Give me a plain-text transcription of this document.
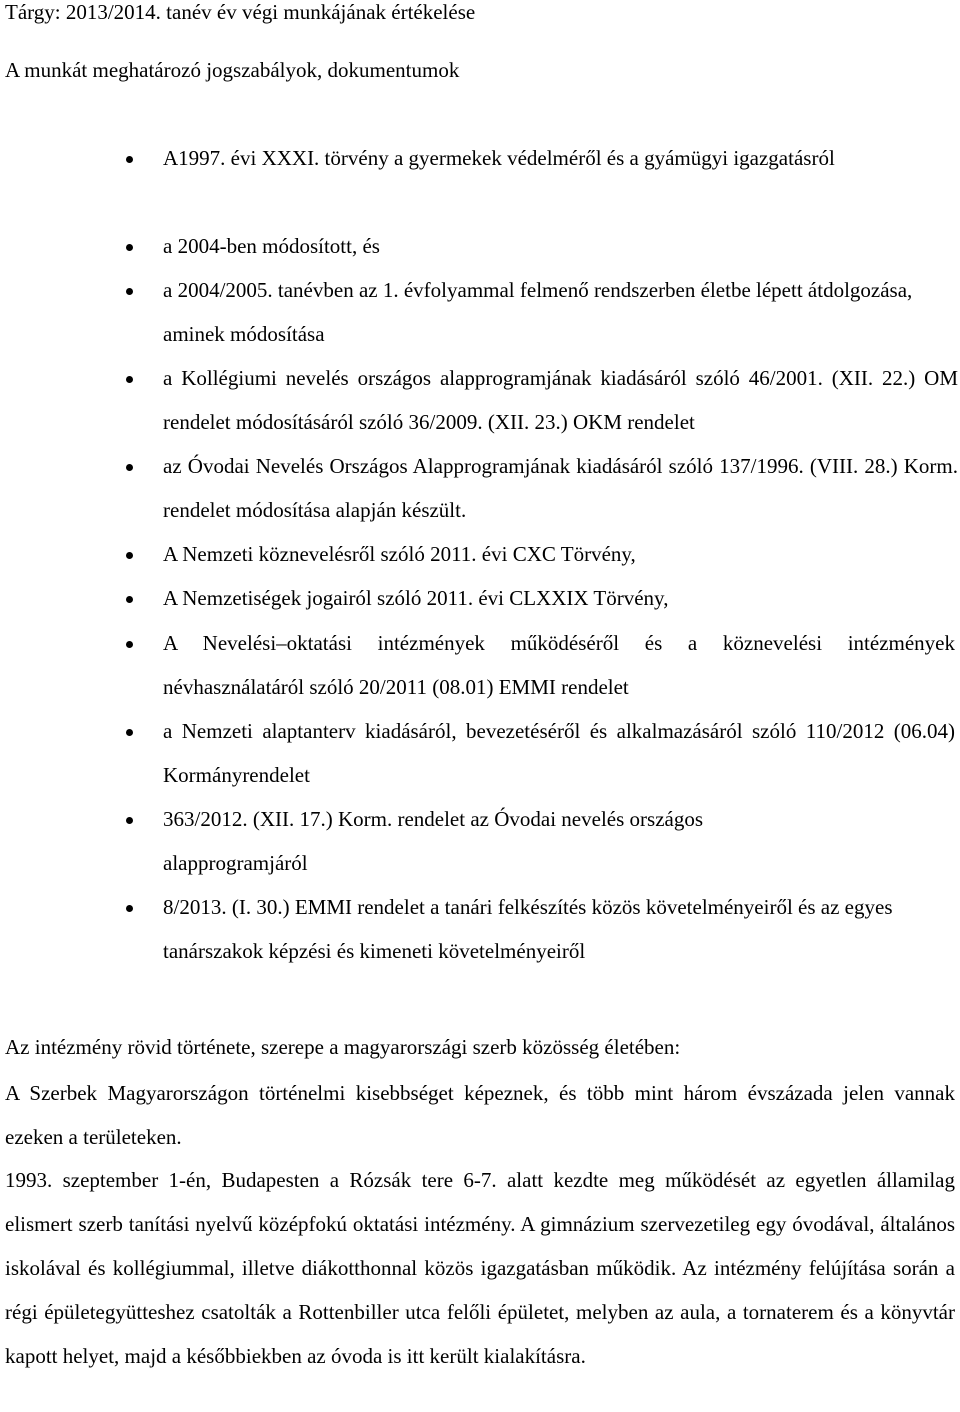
Tárgy: 2013/2014. tanév év végi munkájának értékelése
A munkát meghatározó jogszabályok, dokumentumok
A1997. évi XXXI. törvény a gyermekek védelméről és a gyámügyi igazgatásról
a 2004-ben módosított, és
a 2004/2005. tanévben az 1. évfolyammal felmenő rendszerben életbe lépett átdolgozása, aminek módosítása
a Kollégiumi nevelés országos alapprogramjának kiadásáról szóló 46/2001. (XII. 22.) OM rendelet módosításáról szóló 36/2009. (XII. 23.) OKM rendelet
az Óvodai Nevelés Országos Alapprogramjának kiadásáról szóló 137/1996. (VIII. 28.) Korm. rendelet módosítása alapján készült.
A Nemzeti köznevelésről szóló 2011. évi CXC Törvény,
A Nemzetiségek jogairól szóló 2011. évi CLXXIX Törvény,
A Nevelési–oktatási intézmények működéséről és a köznevelési intézmények névhasználatáról szóló 20/2011 (08.01) EMMI rendelet
a Nemzeti alaptanterv kiadásáról, bevezetéséről és alkalmazásáról szóló 110/2012 (06.04) Kormányrendelet
363/2012. (XII. 17.) Korm. rendelet az Óvodai nevelés országos alapprogramjáról
8/2013. (I. 30.) EMMI rendelet a tanári felkészítés közös követelményeiről és az egyes tanárszakok képzési és kimeneti követelményeiről
Az intézmény rövid története, szerepe a magyarországi szerb közösség életében:
A Szerbek Magyarországon történelmi kisebbséget képeznek, és több mint három évszázada jelen vannak ezeken a területeken.
1993. szeptember 1-én, Budapesten a Rózsák tere 6-7. alatt kezdte meg működését az egyetlen államilag elismert szerb tanítási nyelvű középfokú oktatási intézmény. A gimnázium szervezetileg egy óvodával, általános iskolával és kollégiummal, illetve diákotthonnal közös igazgatásban működik. Az intézmény felújítása során a régi épületegyütteshez csatolták a Rottenbiller utca felőli épületet, melyben az aula, a tornaterem és a könyvtár kapott helyet, majd a későbbiekben az óvoda is itt került kialakításra.
